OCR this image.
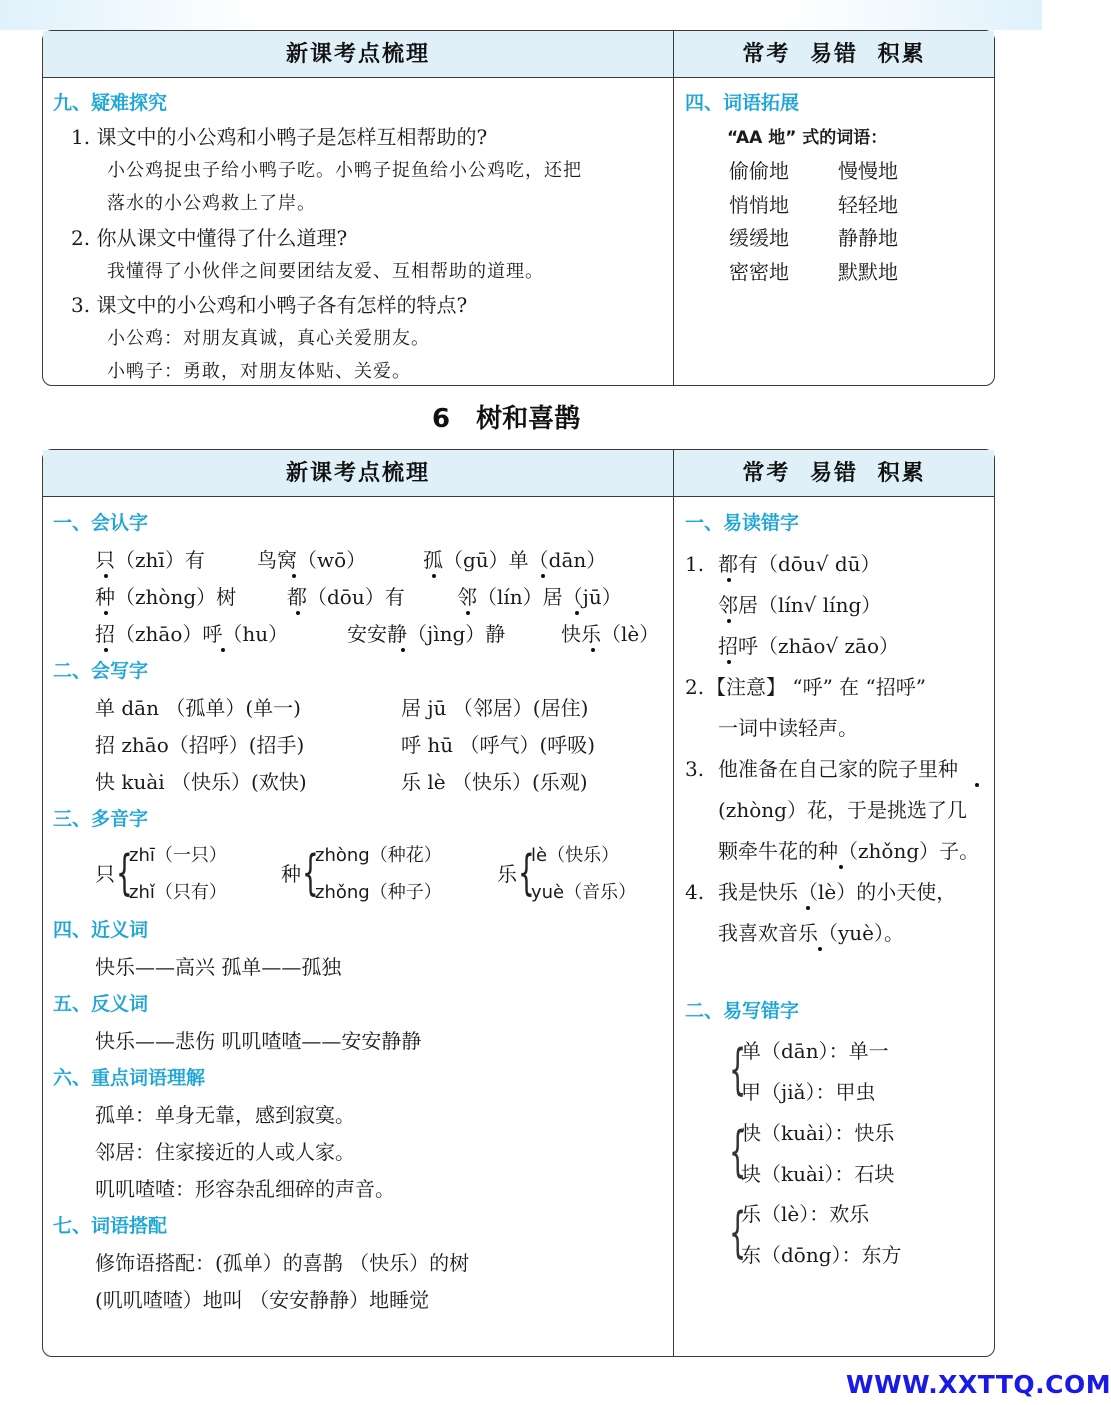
新课考点梳理	常考 易错 积累
九、疑难探究
1. 课文中的小公鸡和小鸭子是怎样互相帮助的?
小公鸡捉虫子给小鸭子吃。小鸭子捉鱼给小公鸡吃，还把
落水的小公鸡救上了岸。
2. 你从课文中懂得了什么道理?
我懂得了小伙伴之间要团结友爱、互相帮助的道理。
3. 课文中的小公鸡和小鸭子各有怎样的特点?
小公鸡：对朋友真诚，真心关爱朋友。
小鸭子：勇敢，对朋友体贴、关爱。
四、词语拓展
“AA 地” 式的词语：
偷偷地 慢慢地
悄悄地 轻轻地
缓缓地 静静地
密密地 默默地
6 树和喜鹊
新课考点梳理	常考 易错 积累
一、会认字
只（zhī）有	鸟窝（wō）	孤（gū）单（dān）
种（zhòng）树	都（dōu）有	邻（lín）居（jū）
招（zhāo）呼（hu）	安安静（jìng）静	快乐（lè）
二、会写字
单 dān （孤单）(单一)	居 jū （邻居）(居住)
招 zhāo（招呼）(招手)	呼 hū （呼气）(呼吸)
快 kuài （快乐）(欢快)	乐 lè （快乐）(乐观)
三、多音字
只 {
zhī（一只）
zhǐ（只有）
种 {
zhòng（种花）
zhǒng（种子）
乐 {
lè（快乐）
yuè（音乐）
四、近义词
快乐——高兴 孤单——孤独
五、反义词
快乐——悲伤 叽叽喳喳——安安静静
六、重点词语理解
孤单：单身无靠，感到寂寞。
邻居：住家接近的人或人家。
叽叽喳喳：形容杂乱细碎的声音。
七、词语搭配
修饰语搭配：(孤单）的喜鹊 （快乐）的树
(叽叽喳喳）地叫 （安安静静）地睡觉
一、易读错字
1. 都有（dōu√ dū）
邻居（lín√ líng）
招呼（zhāo√ zāo）
2. 【注意】 “呼” 在 “招呼”
一词中读轻声。
3. 他准备在自己家的院子里种
(zhòng）花，于是挑选了几
颗牵牛花的种（zhǒng）子。
4. 我是快乐（lè）的小天使，
我喜欢音乐（yuè）。
二、易写错字
{
单（dān）：单一
甲（jiǎ）：甲虫
{
快（kuài）：快乐
块（kuài）：石块
{
乐（lè）：欢乐
东（dōng）：东方
WWW.XXTTQ.COM
